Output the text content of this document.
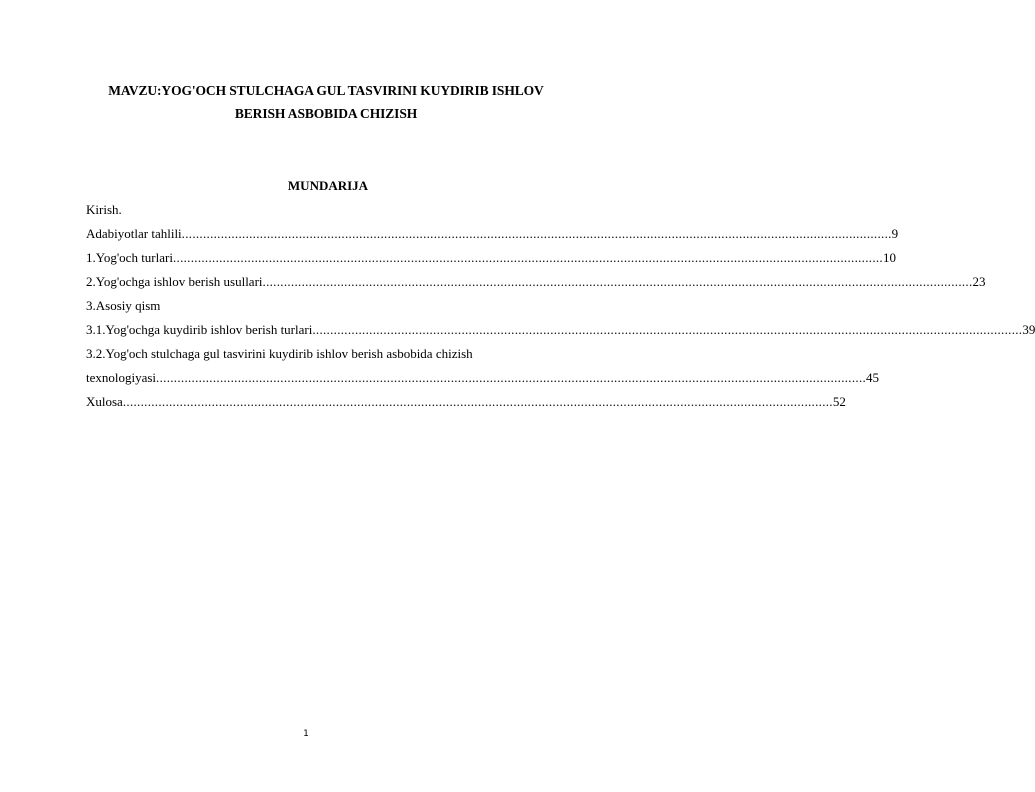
MAVZU:YOG'OCH STULCHAGA GUL TASVIRINI KUYDIRIB ISHLOV BERISH ASBOBIDA CHIZISH
MUNDARIJA
Kirish.
Adabiyotlar tahlili ........................................................................................................................................................................................................ 9
1.Yog'och turlari ........................................................................................................................................................................................................ 10
2.Yog'ochga ishlov berish usullari ........................................................................................................................................................................................................ 23
3.Asosiy qism
3.1.Yog'ochga kuydirib ishlov berish turlari ........................................................................................................................................................................................................ 39
3.2.Yog'och stulchaga gul tasvirini kuydirib ishlov berish asbobida chizish
texnologiyasi ........................................................................................................................................................................................................ 45
Xulosa ........................................................................................................................................................................................................ 52
1
